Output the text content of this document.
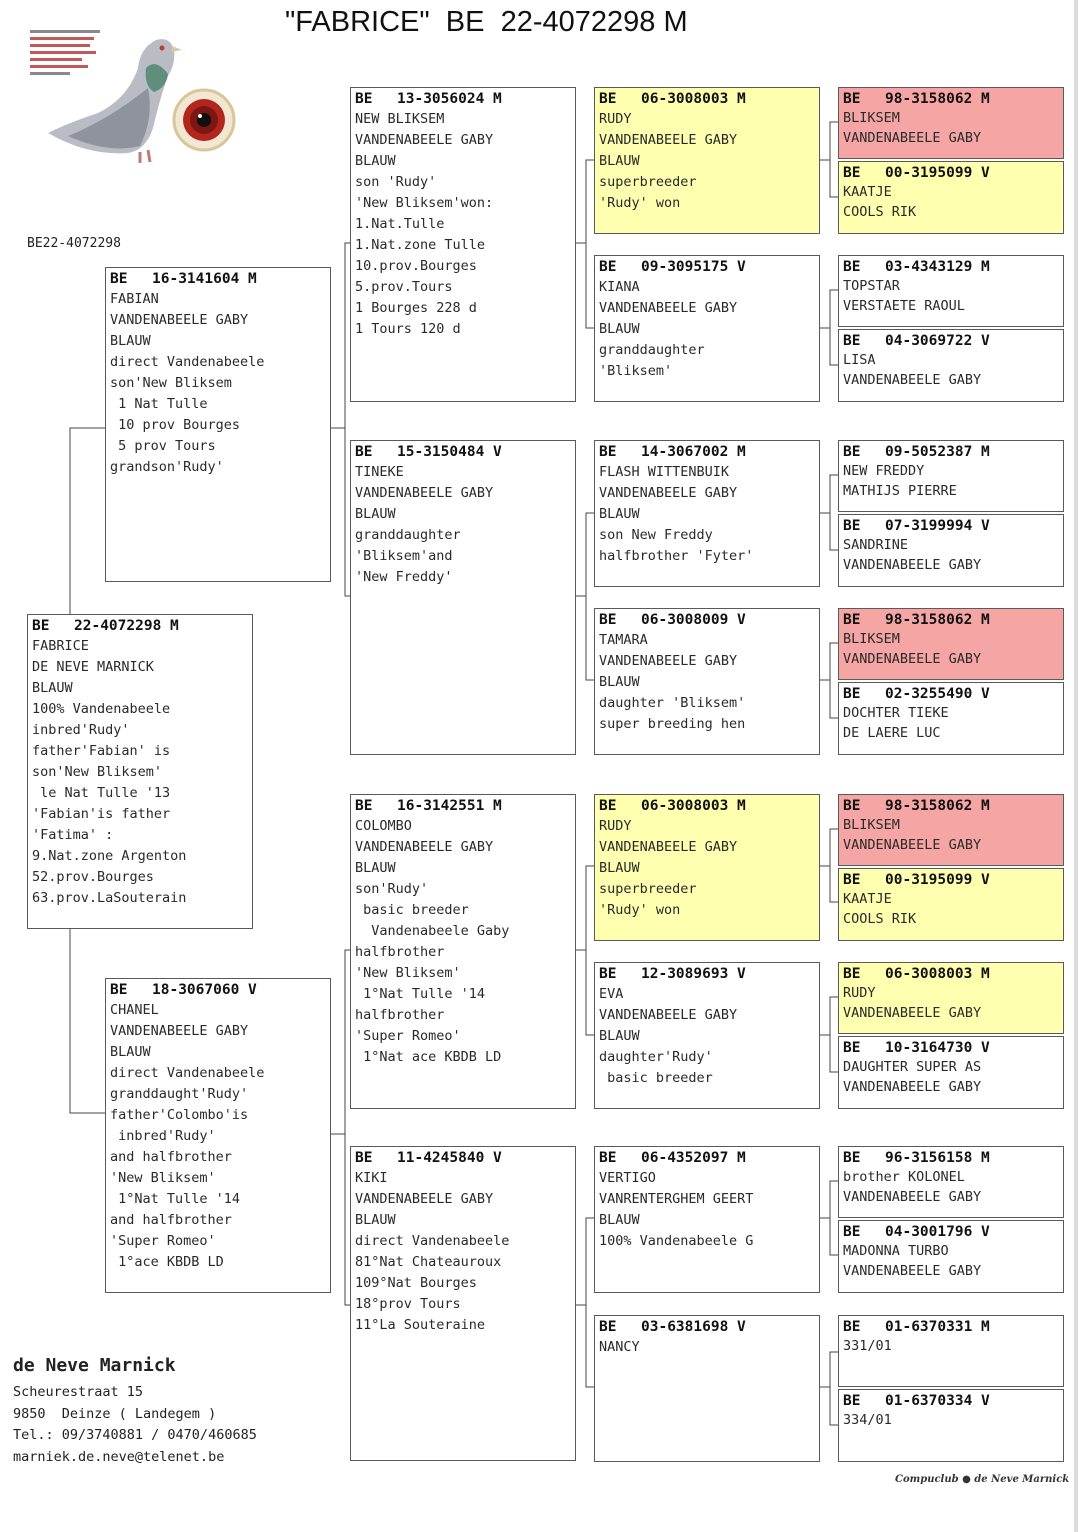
"FABRICE"  BE  22-4072298 M
BE22-4072298
BE	22-4072298
M
FABRICE
DE NEVE MARNICK
BLAUW
100% Vandenabeele
inbred'Rudy'
father'Fabian' is
son'New Bliksem'
le Nat Tulle '13
'Fabian'is father
'Fatima' :
9.Nat.zone Argenton
52.prov.Bourges
63.prov.LaSouterain
BE	16-3141604
M
FABIAN
VANDENABEELE GABY
BLAUW
direct Vandenabeele
son'New Bliksem
1 Nat Tulle
10 prov Bourges
5 prov Tours
grandson'Rudy'
BE	18-3067060
V
CHANEL
VANDENABEELE GABY
BLAUW
direct Vandenabeele
granddaught'Rudy'
father'Colombo'is
inbred'Rudy'
and halfbrother
'New Bliksem'
1°Nat Tulle '14
and halfbrother
'Super Romeo'
1°ace KBDB LD
BE	13-3056024
M
NEW BLIKSEM
VANDENABEELE GABY
BLAUW
son 'Rudy'
'New Bliksem'won:
1.Nat.Tulle
1.Nat.zone Tulle
10.prov.Bourges
5.prov.Tours
1 Bourges 228 d
1 Tours 120 d
BE	15-3150484
V
TINEKE
VANDENABEELE GABY
BLAUW
granddaughter
'Bliksem'and
'New Freddy'
BE	16-3142551
M
COLOMBO
VANDENABEELE GABY
BLAUW
son'Rudy'
basic breeder
Vandenabeele Gaby
halfbrother
'New Bliksem'
1°Nat Tulle '14
halfbrother
'Super Romeo'
1°Nat ace KBDB LD
BE	11-4245840
V
KIKI
VANDENABEELE GABY
BLAUW
direct Vandenabeele
81°Nat Chateauroux
109°Nat Bourges
18°prov Tours
11°La Souteraine
BE	06-3008003
M
RUDY
VANDENABEELE GABY
BLAUW
superbreeder
'Rudy' won
BE	09-3095175
V
KIANA
VANDENABEELE GABY
BLAUW
granddaughter
'Bliksem'
BE	14-3067002
M
FLASH WITTENBUIK
VANDENABEELE GABY
BLAUW
son New Freddy
halfbrother 'Fyter'
BE	06-3008009
V
TAMARA
VANDENABEELE GABY
BLAUW
daughter 'Bliksem'
super breeding hen
BE	06-3008003
M
RUDY
VANDENABEELE GABY
BLAUW
superbreeder
'Rudy' won
BE	12-3089693
V
EVA
VANDENABEELE GABY
BLAUW
daughter'Rudy'
basic breeder
BE	06-4352097
M
VERTIGO
VANRENTERGHEM GEERT
BLAUW
100% Vandenabeele G
BE	03-6381698
V
NANCY
BE	98-3158062
M
BLIKSEM
VANDENABEELE GABY
BE	00-3195099
V
KAATJE
COOLS RIK
BE	03-4343129
M
TOPSTAR
VERSTAETE RAOUL
BE	04-3069722
V
LISA
VANDENABEELE GABY
BE	09-5052387
M
NEW FREDDY
MATHIJS PIERRE
BE	07-3199994
V
SANDRINE
VANDENABEELE GABY
BE	98-3158062
M
BLIKSEM
VANDENABEELE GABY
BE	02-3255490
V
DOCHTER TIEKE
DE LAERE LUC
BE	98-3158062
M
BLIKSEM
VANDENABEELE GABY
BE	00-3195099
V
KAATJE
COOLS RIK
BE	06-3008003
M
RUDY
VANDENABEELE GABY
BE	10-3164730
V
DAUGHTER SUPER AS
VANDENABEELE GABY
BE	96-3156158
M
brother KOLONEL
VANDENABEELE GABY
BE	04-3001796
V
MADONNA TURBO
VANDENABEELE GABY
BE	01-6370331
M
331/01
BE	01-6370334
V
334/01
de Neve Marnick
Scheurestraat 15
9850  Deinze ( Landegem )
Tel.: 09/3740881 / 0470/460685
marniek.de.neve@telenet.be
Compuclub ● de Neve Marnick
